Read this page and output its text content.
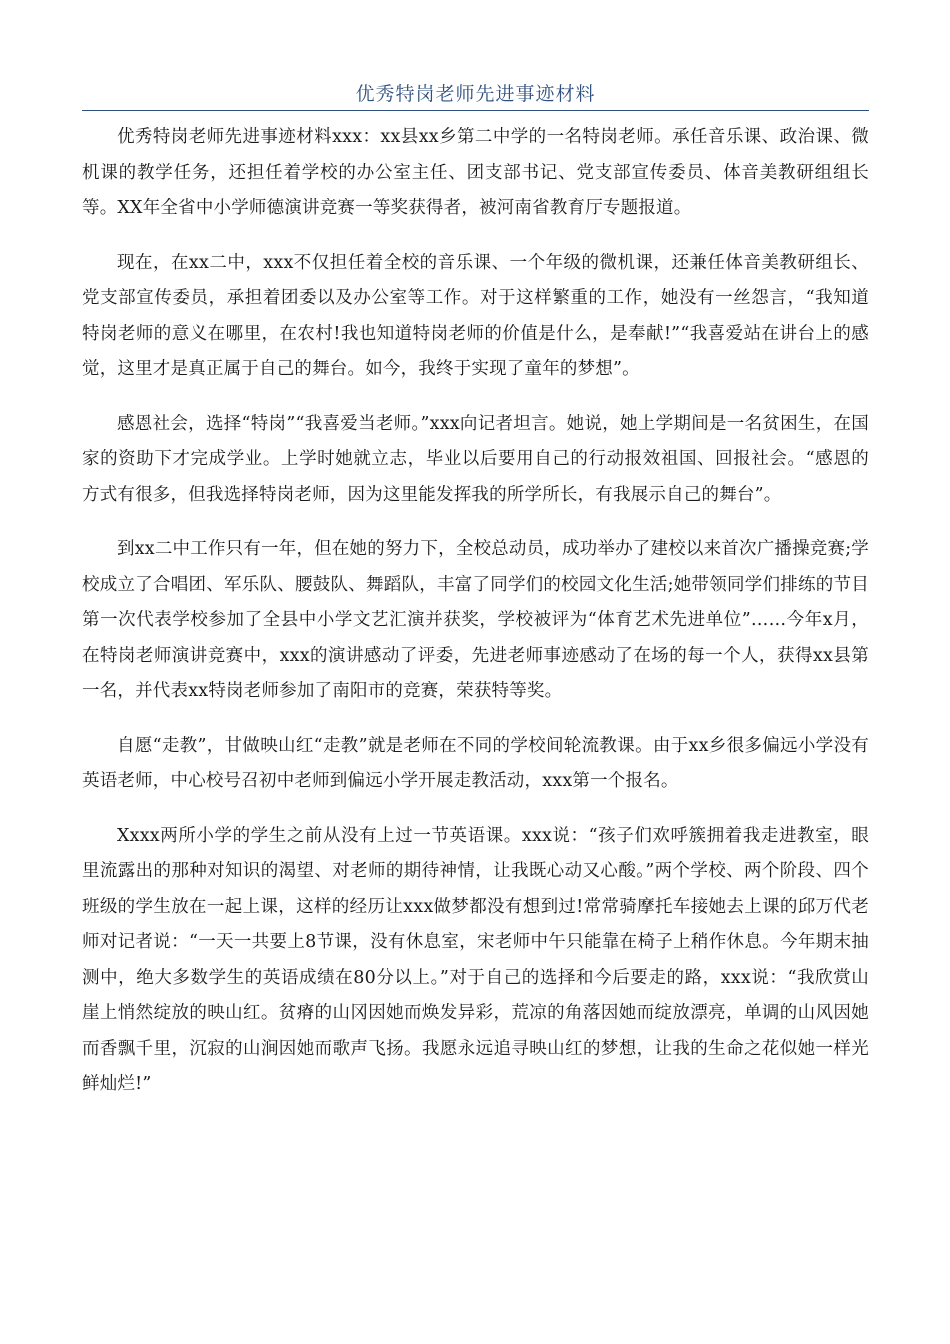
优秀特岗老师先进事迹材料

优秀特岗老师先进事迹材料xxx：xx县xx乡第二中学的一名特岗老师。承任音乐课、政治课、微机课的教学任务，还担任着学校的办公室主任、团支部书记、党支部宣传委员、体音美教研组组长等。XX年全省中小学师德演讲竞赛一等奖获得者，被河南省教育厅专题报道。

现在，在xx二中，xxx不仅担任着全校的音乐课、一个年级的微机课，还兼任体音美教研组长、党支部宣传委员，承担着团委以及办公室等工作。对于这样繁重的工作，她没有一丝怨言，“我知道特岗老师的意义在哪里，在农村!我也知道特岗老师的价值是什么，是奉献!”“我喜爱站在讲台上的感觉，这里才是真正属于自己的舞台。如今，我终于实现了童年的梦想”。

感恩社会，选择“特岗”“我喜爱当老师。”xxx向记者坦言。她说，她上学期间是一名贫困生，在国家的资助下才完成学业。上学时她就立志，毕业以后要用自己的行动报效祖国、回报社会。“感恩的方式有很多，但我选择特岗老师，因为这里能发挥我的所学所长，有我展示自己的舞台”。

到xx二中工作只有一年，但在她的努力下，全校总动员，成功举办了建校以来首次广播操竞赛;学校成立了合唱团、军乐队、腰鼓队、舞蹈队，丰富了同学们的校园文化生活;她带领同学们排练的节目第一次代表学校参加了全县中小学文艺汇演并获奖，学校被评为“体育艺术先进单位”……今年x月，在特岗老师演讲竞赛中，xxx的演讲感动了评委，先进老师事迹感动了在场的每一个人，获得xx县第一名，并代表xx特岗老师参加了南阳市的竞赛，荣获特等奖。

自愿“走教”，甘做映山红“走教”就是老师在不同的学校间轮流教课。由于xx乡很多偏远小学没有英语老师，中心校号召初中老师到偏远小学开展走教活动，xxx第一个报名。

Xxxx两所小学的学生之前从没有上过一节英语课。xxx说：“孩子们欢呼簇拥着我走进教室，眼里流露出的那种对知识的渴望、对老师的期待神情，让我既心动又心酸。”两个学校、两个阶段、四个班级的学生放在一起上课，这样的经历让xxx做梦都没有想到过!常常骑摩托车接她去上课的邱万代老师对记者说：“一天一共要上8节课，没有休息室，宋老师中午只能靠在椅子上稍作休息。今年期末抽测中，绝大多数学生的英语成绩在80分以上。”对于自己的选择和今后要走的路，xxx说：“我欣赏山崖上悄然绽放的映山红。贫瘠的山冈因她而焕发异彩，荒凉的角落因她而绽放漂亮，单调的山风因她而香飘千里，沉寂的山涧因她而歌声飞扬。我愿永远追寻映山红的梦想，让我的生命之花似她一样光鲜灿烂!”
